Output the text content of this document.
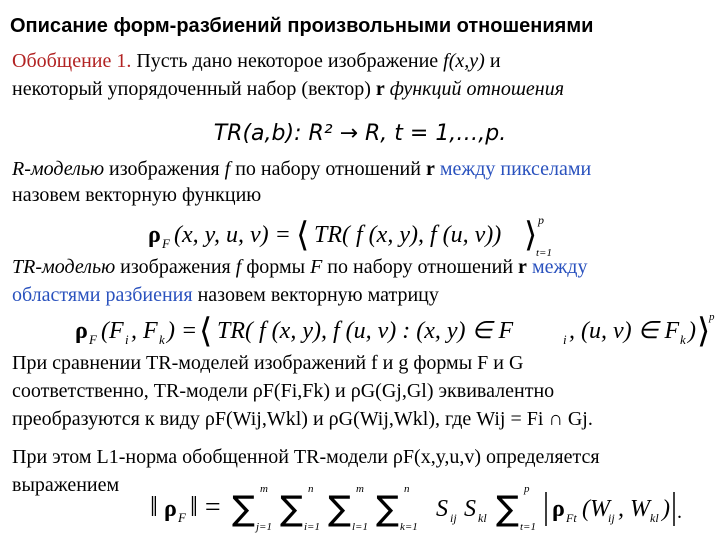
Описание форм-разбиений произвольными отношениями
Обобщение 1. Пусть дано некоторое изображение f(x,y) и
некоторый упорядоченный набор (вектор) r функций отношения
TR(a,b): R² → R, t = 1,…,p.
R-моделью изображения f по набору отношений r между пикселами
назовем векторную функцию
ρ F (x, y, u, v) = ⟨ TR( f (x, y), f (u, v)) ⟩ p
t=1
TR-моделью изображения f формы F по набору отношений r между
областями разбиения назовем векторную матрицу
ρ F (F i , F k ) = ⟨ TR( f (x, y), f (u, v) : (x, y) ∈ F	i , (u, v) ∈ F k ) ⟩
p
При сравнении TR-моделей изображений f и g формы F и G
соответственно, TR-модели ρF(Fi,Fk) и ρG(Gj,Gl) эквивалентно
преобразуются к виду ρF(Wij,Wkl) и ρG(Wij,Wkl), где Wij = Fi ∩ Gj.
При этом L1-норма обобщенной TR-модели ρF(x,y,u,v) определяется
выражением
‖ ρ F ‖ = ∑ m
j=1 ∑ n
i=1 ∑ m
l=1 ∑ n
k=1
S ij S kl ∑ p
t=1
ρ Ft (W
ij , W kl ) .
